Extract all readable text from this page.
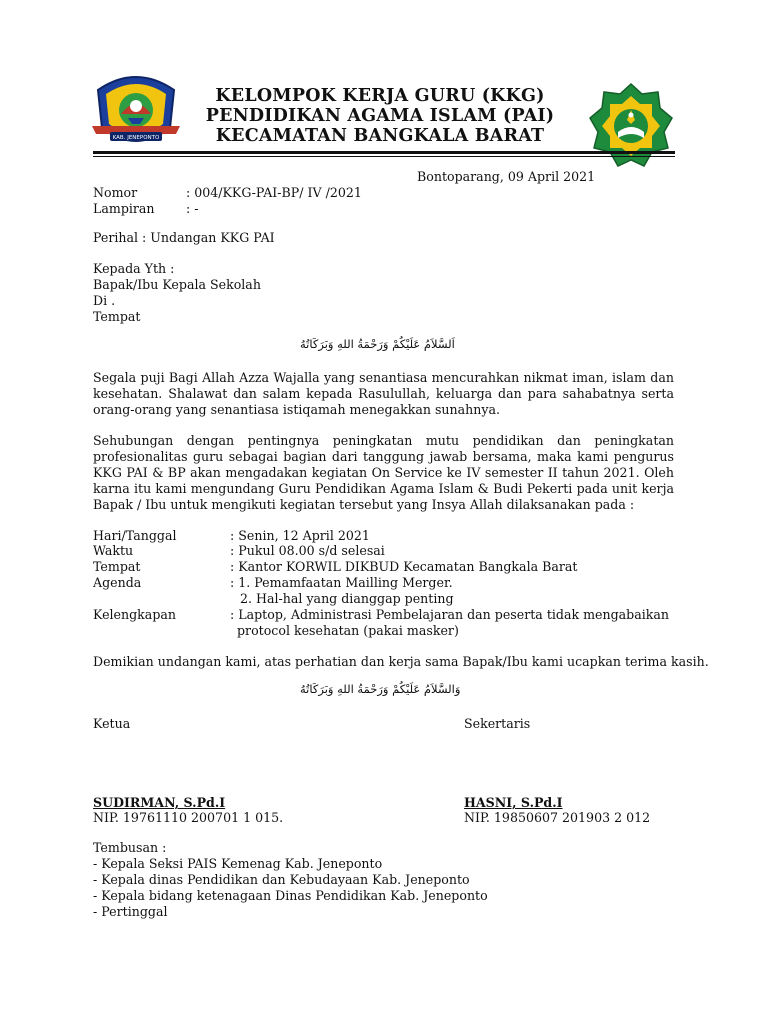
KAB. JENEPONTO
KELOMPOK KERJA GURU (KKG)
PENDIDIKAN AGAMA ISLAM (PAI)
KECAMATAN BANGKALA BARAT
Bontoparang, 09 April 2021
Nomor	: 004/KKG-PAI-BP/ IV /2021
Lampiran : -
Perihal : Undangan KKG PAI
Kepada Yth :
Bapak/Ibu Kepala Sekolah
Di .
Tempat
اَلسَّلاَمُ عَلَيْكُمْ وَرَحْمَةُ اللهِ وَبَرَكَاتُهُ
Segala puji Bagi Allah Azza Wajalla yang senantiasa mencurahkan nikmat iman, islam dan kesehatan. Shalawat dan salam kepada Rasulullah, keluarga dan para sahabatnya serta orang-orang yang senantiasa istiqamah menegakkan sunahnya.
Sehubungan dengan pentingnya peningkatan mutu pendidikan dan peningkatan profesionalitas guru sebagai bagian dari tanggung jawab bersama, maka kami pengurus KKG PAI & BP akan mengadakan kegiatan On Service ke IV semester II tahun 2021. Oleh karna itu kami mengundang Guru Pendidikan Agama Islam & Budi Pekerti pada unit kerja Bapak / Ibu untuk mengikuti kegiatan tersebut yang Insya Allah dilaksanakan pada :
Hari/Tanggal	: Senin, 12 April 2021
Waktu	: Pukul 08.00 s/d selesai
Tempat	: Kantor KORWIL DIKBUD Kecamatan Bangkala Barat
Agenda	: 1. Pemamfaatan Mailling Merger.
2. Hal-hal yang dianggap penting
Kelengkapan	: Laptop, Administrasi Pembelajaran dan peserta tidak mengabaikan
protocol kesehatan (pakai masker)
Demikian undangan kami, atas perhatian dan kerja sama Bapak/Ibu kami ucapkan terima kasih.
وَالسَّلاَمُ عَلَيْكُمْ وَرَحْمَةُ اللهِ وَبَرَكَاتُهُ
Ketua	Sekertaris
SUDIRMAN, S.Pd.I	HASNI, S.Pd.I
NIP. 19761110 200701 1 015.	NIP. 19850607 201903 2 012
Tembusan :
- Kepala Seksi PAIS Kemenag Kab. Jeneponto
- Kepala dinas Pendidikan dan Kebudayaan Kab. Jeneponto
- Kepala bidang ketenagaan Dinas Pendidikan Kab. Jeneponto
- Pertinggal
